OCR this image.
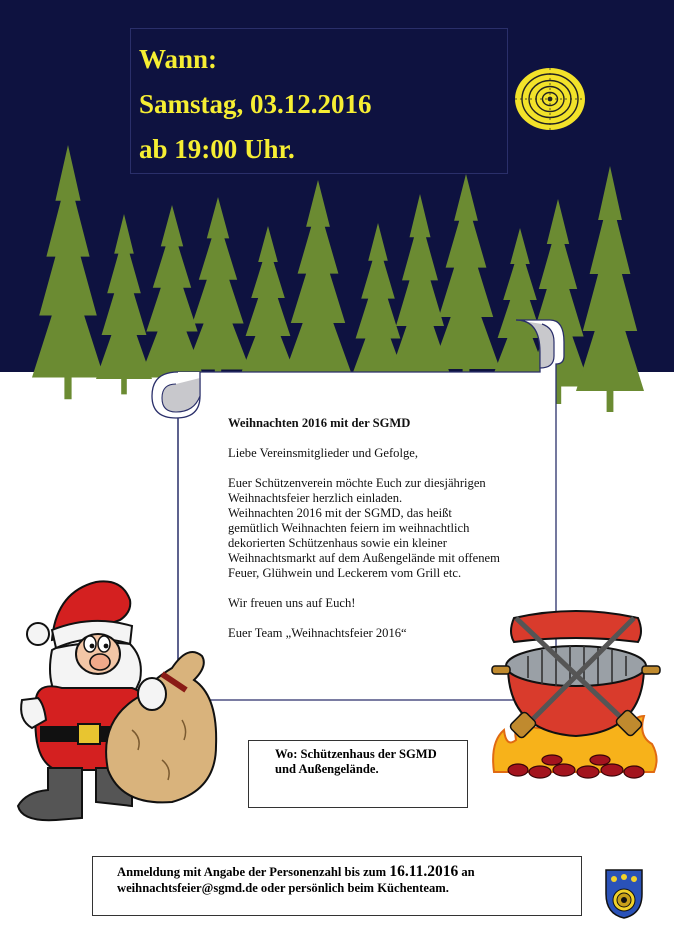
Wann:
Samstag, 03.12.2016
ab 19:00 Uhr.
Weihnachten 2016 mit der SGMD
Liebe Vereinsmitglieder und Gefolge,
Euer Schützenverein möchte Euch zur diesjährigen
Weihnachtsfeier herzlich einladen.
Weihnachten 2016 mit der SGMD, das heißt
gemütlich Weihnachten feiern im weihnachtlich
dekorierten Schützenhaus sowie ein kleiner
Weihnachtsmarkt auf dem Außengelände mit offenem
Feuer, Glühwein und Leckerem vom Grill etc.
Wir freuen uns auf Euch!
Euer Team „Weihnachtsfeier 2016“
Wo: Schützenhaus der SGMD
und Außengelände.
Anmeldung mit Angabe der Personenzahl bis zum 16.11.2016 an
weihnachtsfeier@sgmd.de oder persönlich beim Küchenteam.
